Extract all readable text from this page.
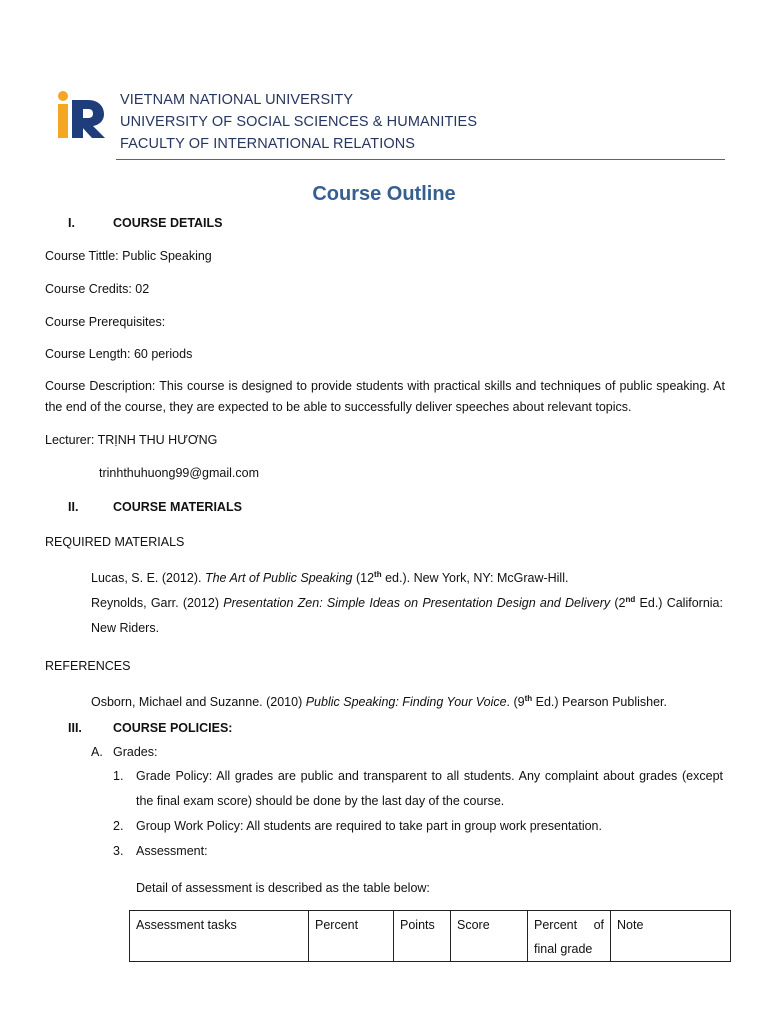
VIETNAM NATIONAL UNIVERSITY
UNIVERSITY OF SOCIAL SCIENCES & HUMANITIES
FACULTY OF INTERNATIONAL RELATIONS
Course Outline
I.	COURSE DETAILS
Course Tittle: Public Speaking
Course Credits: 02
Course Prerequisites:
Course Length: 60 periods
Course Description: This course is designed to provide students with practical skills and techniques of public speaking. At the end of the course, they are expected to be able to successfully deliver speeches about relevant topics.
Lecturer: TRỊNH THU HƯƠNG
trinhthuhuong99@gmail.com
II.	COURSE MATERIALS
REQUIRED MATERIALS
Lucas, S. E. (2012). The Art of Public Speaking (12th ed.). New York, NY: McGraw-Hill.
Reynolds, Garr. (2012) Presentation Zen: Simple Ideas on Presentation Design and Delivery (2nd Ed.) California: New Riders.
REFERENCES
Osborn, Michael and Suzanne. (2010) Public Speaking: Finding Your Voice. (9th Ed.) Pearson Publisher.
III. COURSE POLICIES:
A. Grades:
1. Grade Policy: All grades are public and transparent to all students. Any complaint about grades (except the final exam score) should be done by the last day of the course.
2. Group Work Policy: All students are required to take part in group work presentation.
3. Assessment:
Detail of assessment is described as the table below:
Assessment tasks	Percent	Points	Score	Percent of final grade	Note
